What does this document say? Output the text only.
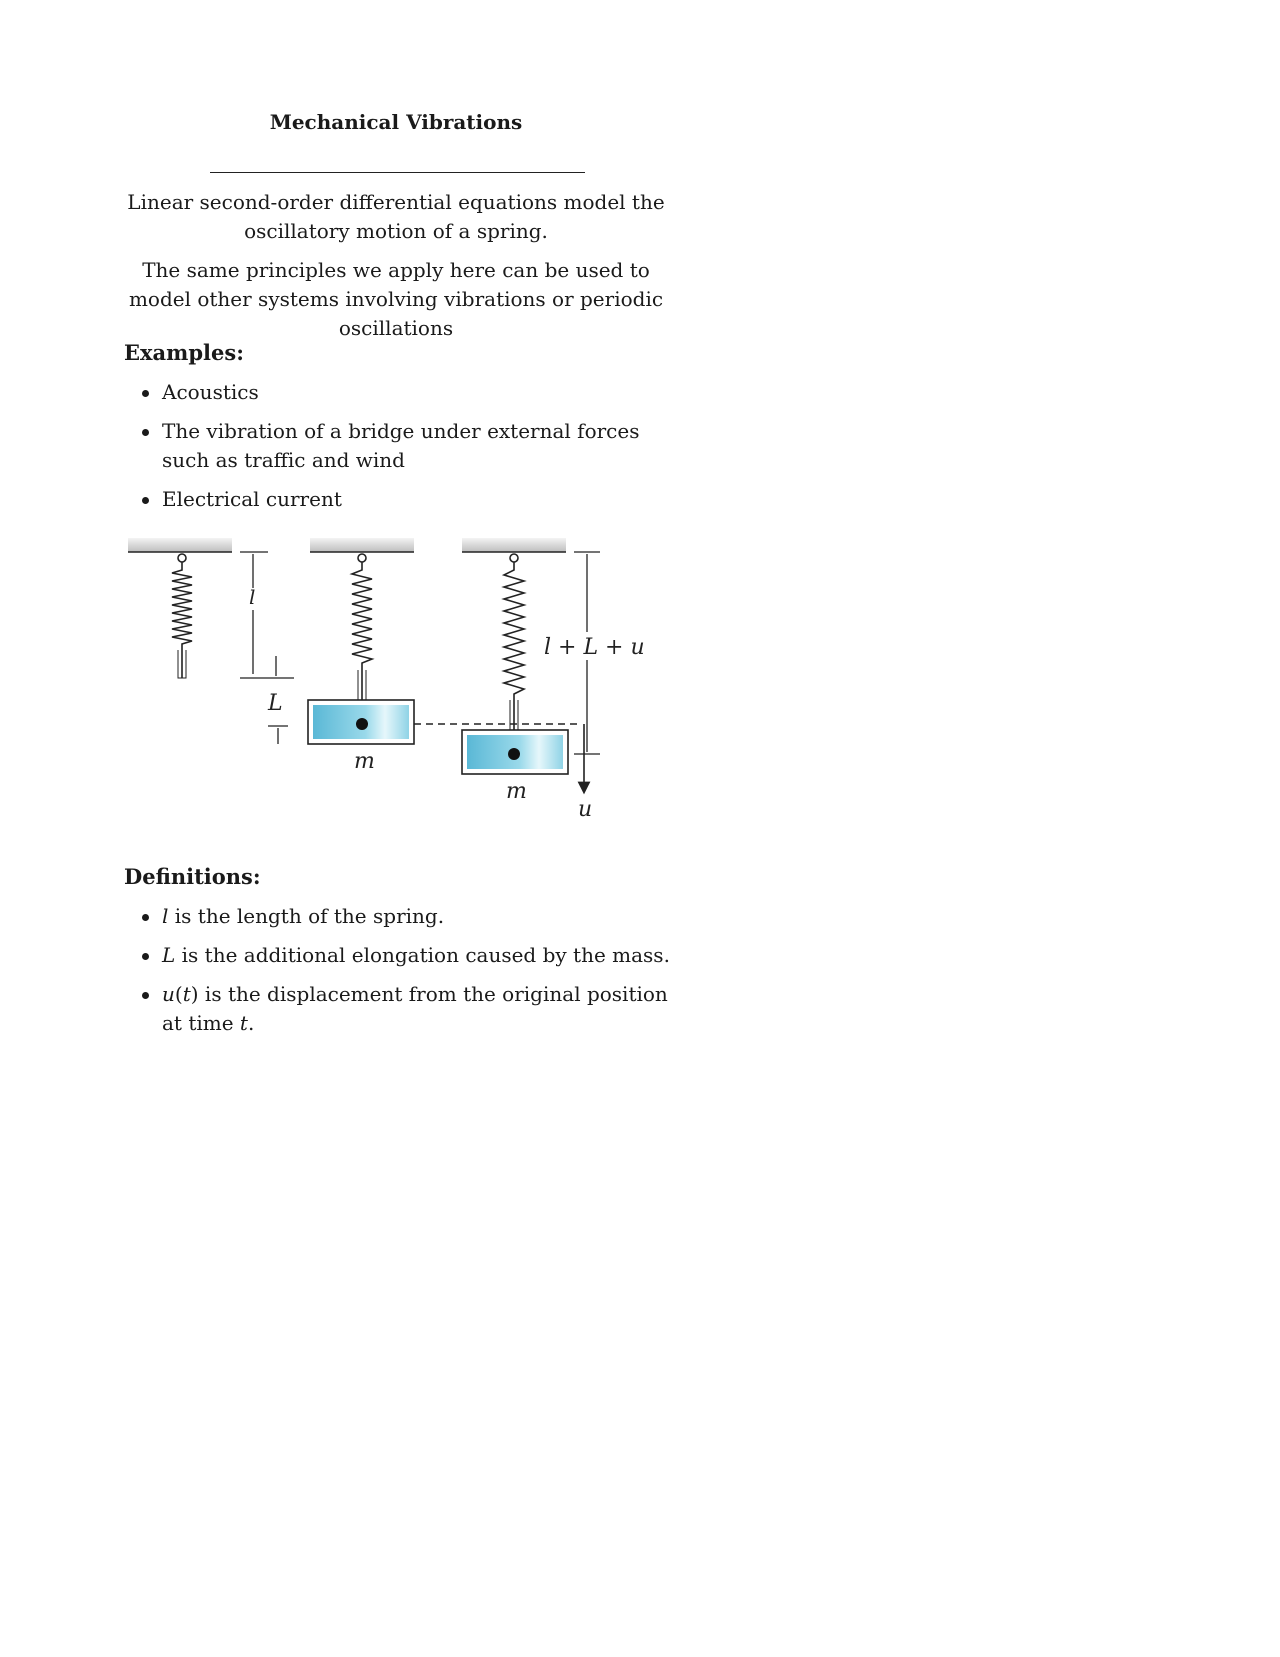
Mechanical Vibrations

Linear second-order differential equations model the oscillatory motion of a spring.

The same principles we apply here can be used to model other systems involving vibrations or periodic oscillations

Examples:
Acoustics
The vibration of a bridge under external forces such as traffic and wind
Electrical current
l
L
l + L + u
m
m
u
Definitions:
l is the length of the spring.
L is the additional elongation caused by the mass.
u(t) is the displacement from the original position at time t.
